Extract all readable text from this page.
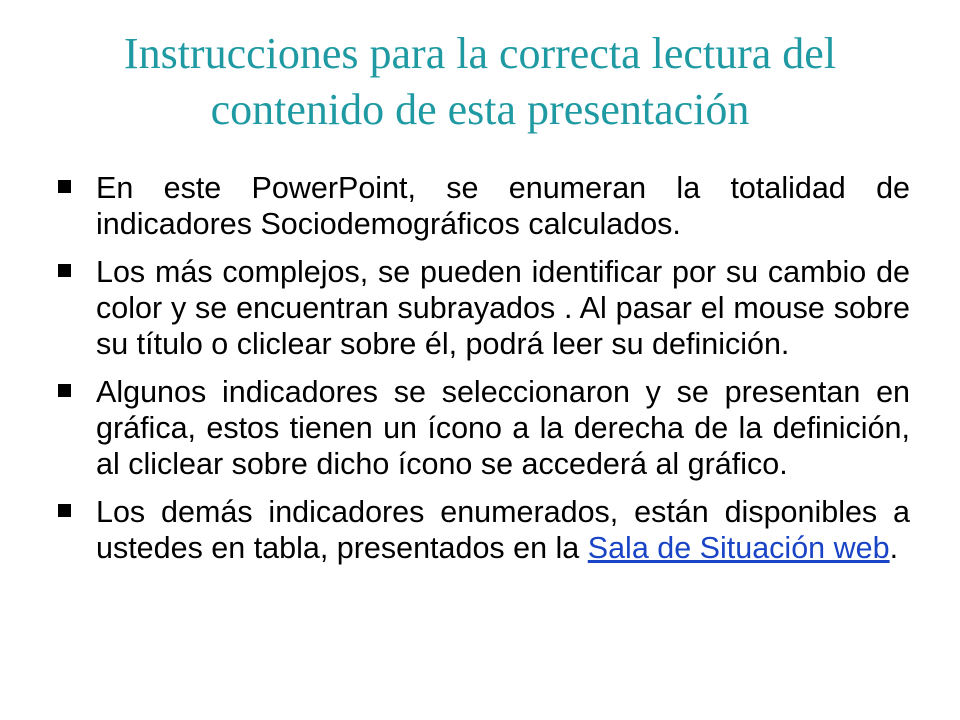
Instrucciones para la correcta lectura del contenido de esta presentación
En este PowerPoint, se enumeran la totalidad de indicadores Sociodemográficos calculados.
Los más complejos, se pueden identificar por su cambio de color y se encuentran subrayados . Al pasar el mouse sobre su título o cliclear sobre él, podrá leer su definición.
Algunos indicadores se seleccionaron y se presentan en gráfica, estos tienen un ícono a la derecha de la definición, al cliclear sobre dicho ícono se accederá al gráfico.
Los demás indicadores enumerados, están disponibles a ustedes en tabla, presentados en la Sala de Situación web.
